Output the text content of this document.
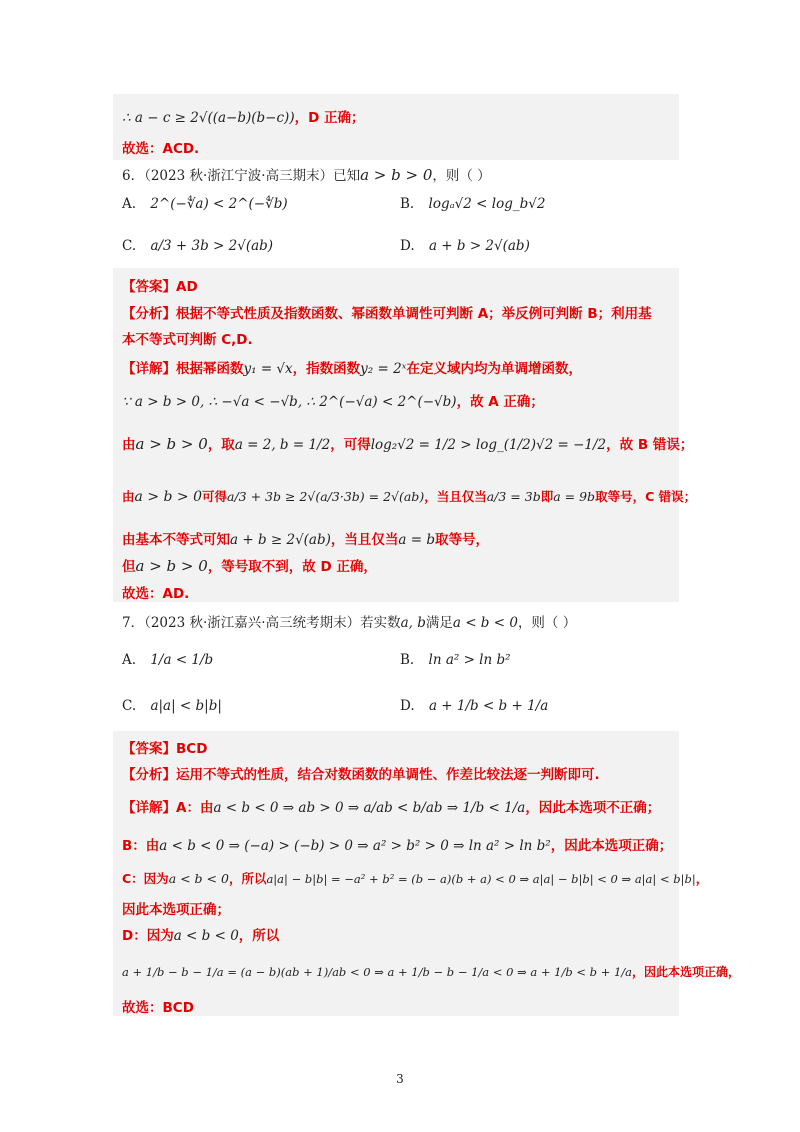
∴ a − c ≥ 2√((a−b)(b−c))，D 正确；
故选：ACD.
6．（2023 秋·浙江宁波·高三期末）已知a > b > 0，则（ ）
A. 2^(−∜a) < 2^(−∜b)	B. logₐ√2 < log_b√2
C. a/3 + 3b > 2√(ab)	D. a + b > 2√(ab)
【答案】AD
【分析】根据不等式性质及指数函数、幂函数单调性可判断 A；举反例可判断 B；利用基
本不等式可判断 C,D.
【详解】根据幂函数y₁ = √x，指数函数y₂ = 2ˣ在定义域内均为单调增函数，
∵ a > b > 0, ∴ −√a < −√b, ∴ 2^(−√a) < 2^(−√b)，故 A 正确；
由a > b > 0，取a = 2, b = 1/2，可得log₂√2 = 1/2 > log_(1/2)√2 = −1/2，故 B 错误；
由a > b > 0可得a/3 + 3b ≥ 2√(a/3·3b) = 2√(ab)，当且仅当a/3 = 3b即a = 9b取等号，C 错误；
由基本不等式可知a + b ≥ 2√(ab)，当且仅当a = b取等号，
但a > b > 0，等号取不到，故 D 正确，
故选：AD.
7．（2023 秋·浙江嘉兴·高三统考期末）若实数a, b满足a < b < 0，则（ ）
A. 1/a < 1/b	B. ln a² > ln b²
C. a|a| < b|b|	D. a + 1/b < b + 1/a
【答案】BCD
【分析】运用不等式的性质，结合对数函数的单调性、作差比较法逐一判断即可.
【详解】A：由a < b < 0 ⇒ ab > 0 ⇒ a/ab < b/ab ⇒ 1/b < 1/a，因此本选项不正确；
B：由a < b < 0 ⇒ (−a) > (−b) > 0 ⇒ a² > b² > 0 ⇒ ln a² > ln b²，因此本选项正确；
C：因为a < b < 0，所以a|a| − b|b| = −a² + b² = (b − a)(b + a) < 0 ⇒ a|a| − b|b| < 0 ⇒ a|a| < b|b|，
因此本选项正确；
D：因为a < b < 0，所以
a + 1/b − b − 1/a = (a − b)(ab + 1)/ab < 0 ⇒ a + 1/b − b − 1/a < 0 ⇒ a + 1/b < b + 1/a，因此本选项正确，
故选：BCD
3
